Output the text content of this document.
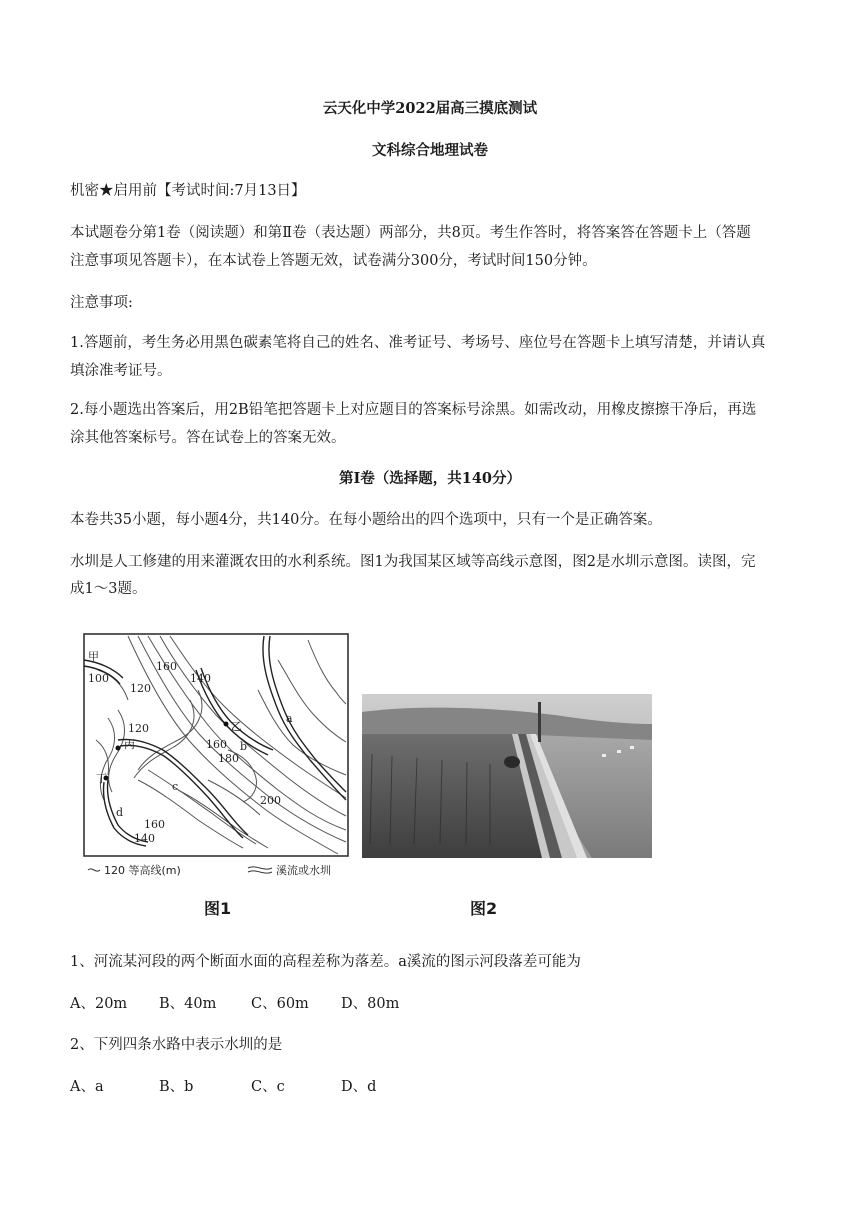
云天化中学2022届高三摸底测试
文科综合地理试卷
机密★启用前【考试时间:7月13日】
本试题卷分第1卷（阅读题）和第Ⅱ卷（表达题）两部分，共8页。考生作答时，将答案答在答题卡上（答题
注意事项见答题卡），在本试卷上答题无效，试卷满分300分，考试时间150分钟。
注意事项:
1.答题前，考生务必用黑色碳素笔将自己的姓名、准考证号、考场号、座位号在答题卡上填写清楚，并请认真
填涂准考证号。
2.每小题选出答案后，用2B铅笔把答题卡上对应题目的答案标号涂黑。如需改动，用橡皮擦擦干净后，再选
涂其他答案标号。答在试卷上的答案无效。
第Ⅰ卷（选择题，共140分）
本卷共35小题，每小题4分，共140分。在每小题给出的四个选项中，只有一个是正确答案。
水圳是人工修建的用来灌溉农田的水利系统。图1为我国某区域等高线示意图，图2是水圳示意图。读图，完
成1～3题。
甲
100
乙
丙
丁
a
b
c
d
120
120
140
140
160
160
160
180
200
120 等高线(m)	溪流或水圳
图1	图2
1、河流某河段的两个断面水面的高程差称为落差。a溪流的图示河段落差可能为
A、20m B、40m C、60m D、80m
2、下列四条水路中表示水圳的是
A、a	B、b	C、c	D、d
